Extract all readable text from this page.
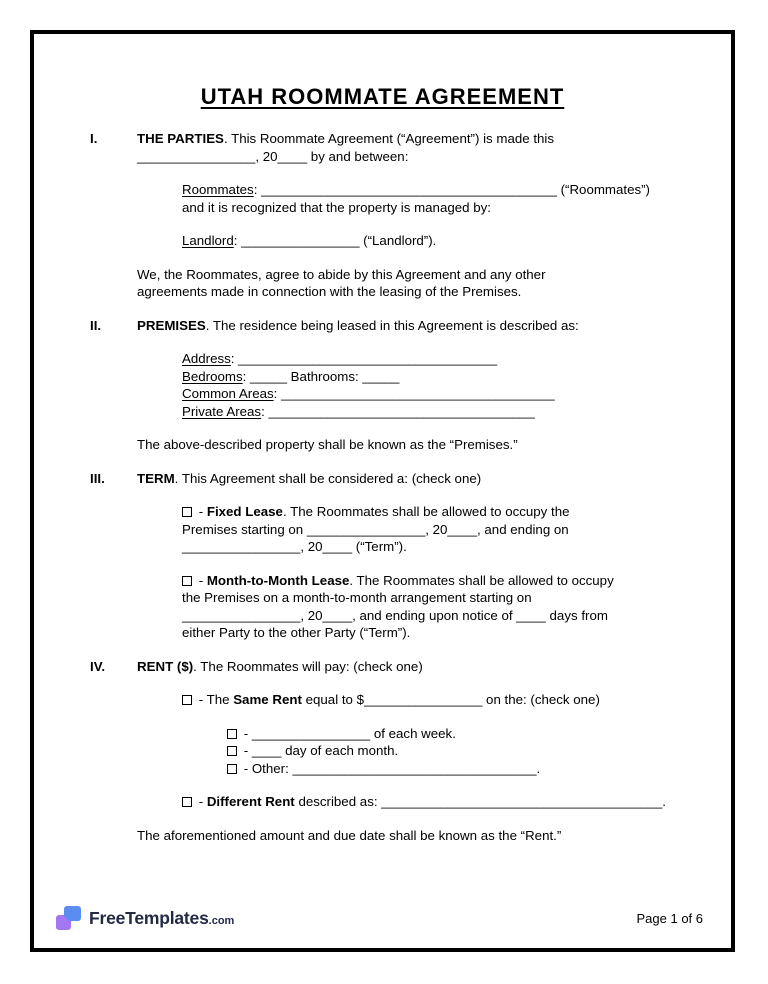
UTAH ROOMMATE AGREEMENT
I.	THE PARTIES. This Roommate Agreement (“Agreement”) is made this
________________, 20____ by and between:
Roommates: ________________________________________ (“Roommates”)
and it is recognized that the property is managed by:
Landlord: ________________ (“Landlord”).
We, the Roommates, agree to abide by this Agreement and any other
agreements made in connection with the leasing of the Premises.
II.	PREMISES. The residence being leased in this Agreement is described as:
Address: ___________________________________
Bedrooms: _____ Bathrooms: _____
Common Areas: _____________________________________
Private Areas: ____________________________________
The above-described property shall be known as the “Premises.”
III.	TERM. This Agreement shall be considered a: (check one)
- Fixed Lease. The Roommates shall be allowed to occupy the
Premises starting on ________________, 20____, and ending on
________________, 20____ (“Term”).
- Month-to-Month Lease. The Roommates shall be allowed to occupy
the Premises on a month-to-month arrangement starting on
________________, 20____, and ending upon notice of ____ days from
either Party to the other Party (“Term”).
IV.	RENT ($). The Roommates will pay: (check one)
- The Same Rent equal to $________________ on the: (check one)
- ________________ of each week.
- ____ day of each month.
- Other: _________________________________.
- Different Rent described as: ______________________________________.
The aforementioned amount and due date shall be known as the “Rent.”
FreeTemplates.com	Page 1 of 6
